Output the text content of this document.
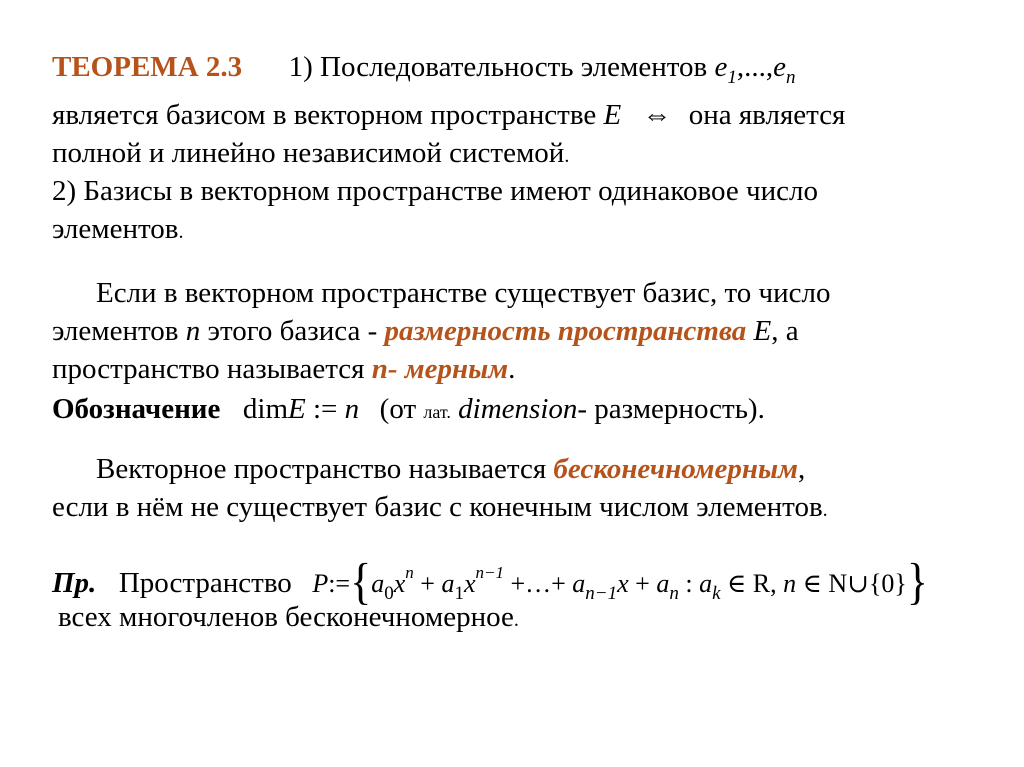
ТЕОРЕМА 2.3 1) Последовательность элементов $e_1,...,e_n$
является базисом в векторном пространстве E ⇔ она является
полной и линейно независимой системой.
2) Базисы в векторном пространстве имеют одинаковое число
элементов.
Если в векторном пространстве существует базис, то число
элементов n этого базиса - размерность пространства E, а
пространство называется n- мерным.
Обозначение dimE := n (от лат. dimension- размерность).
Векторное пространство называется бесконечномерным,
если в нём не существует базис с конечным числом элементов.
Пр. Пространство $P:=\{a_0x^n + a_1x^{n-1}$ +…+ $a_{n-1}x + a_n$ : $a_k$ ∈ R, n ∈ N∪{0}}
всех многочленов бесконечномерное.
